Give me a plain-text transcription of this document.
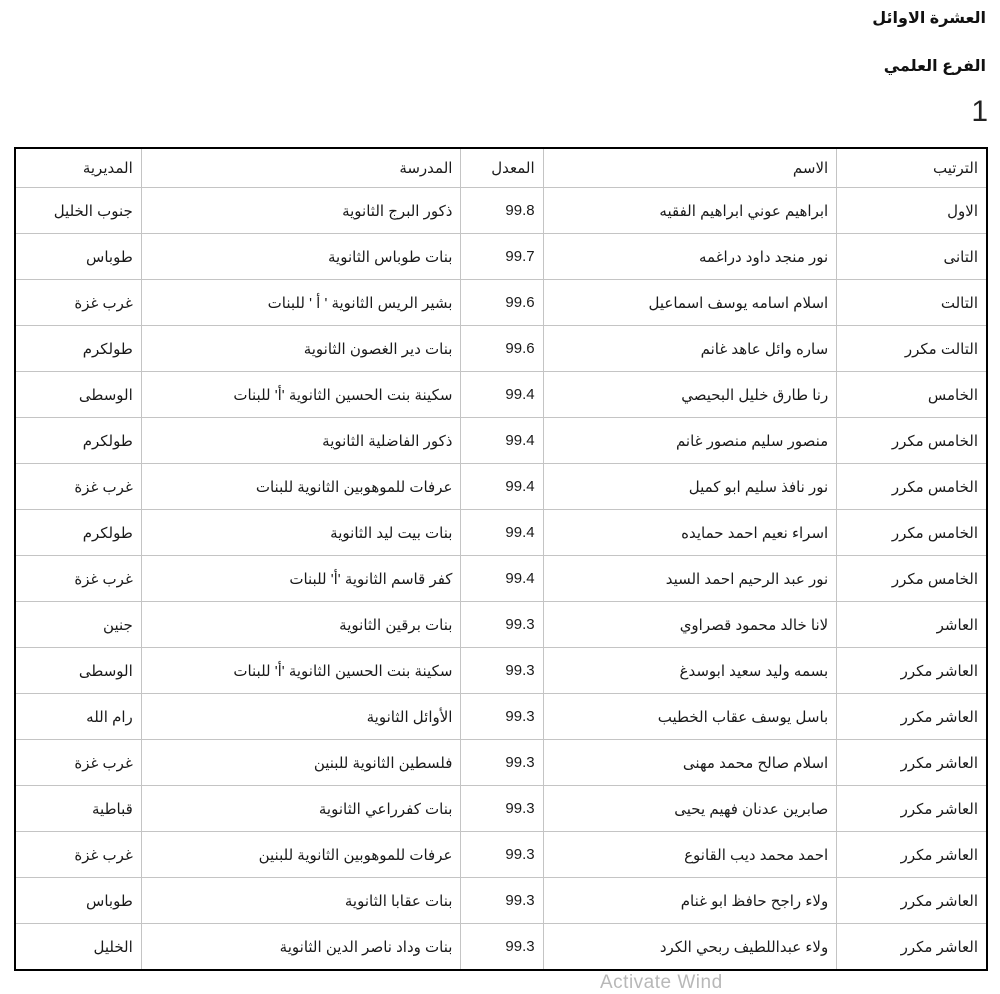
العشرة الاوائل
الفرع العلمي
1
الترتيب	الاسم	المعدل	المدرسة	المديرية
الاول	ابراهيم عوني ابراهيم الفقيه	99.8	ذكور البرج الثانوية	جنوب الخليل
التانى	نور منجد داود دراغمه	99.7	بنات طوباس الثانوية	طوباس
التالت	اسلام اسامه يوسف اسماعيل	99.6	بشير الريس الثانوية ' أ ' للبنات	غرب غزة
التالت مكرر	ساره وائل عاهد غانم	99.6	بنات دير الغصون الثانوية	طولكرم
الخامس	رنا طارق خليل البحيصي	99.4	سكينة بنت الحسين الثانوية 'أ' للبنات	الوسطى
الخامس مكرر	منصور سليم منصور غانم	99.4	ذكور الفاضلية الثانوية	طولكرم
الخامس مكرر	نور نافذ سليم ابو كميل	99.4	عرفات للموهوبين الثانوية للبنات	غرب غزة
الخامس مكرر	اسراء نعيم احمد حمايده	99.4	بنات بيت ليد الثانوية	طولكرم
الخامس مكرر	نور عبد الرحيم احمد السيد	99.4	كفر قاسم الثانوية 'أ' للبنات	غرب غزة
العاشر	لانا خالد محمود قصراوي	99.3	بنات برقين الثانوية	جنين
العاشر مكرر	بسمه وليد سعيد ابوسدغ	99.3	سكينة بنت الحسين الثانوية 'أ' للبنات	الوسطى
العاشر مكرر	باسل يوسف عقاب الخطيب	99.3	الأوائل الثانوية	رام الله
العاشر مكرر	اسلام صالح محمد مهنى	99.3	فلسطين الثانوية للبنين	غرب غزة
العاشر مكرر	صابرين عدنان فهيم يحيى	99.3	بنات كفرراعي الثانوية	قباطية
العاشر مكرر	احمد محمد ديب القانوع	99.3	عرفات للموهوبين الثانوية للبنين	غرب غزة
العاشر مكرر	ولاء راجح حافظ ابو غنام	99.3	بنات عقابا الثانوية	طوباس
العاشر مكرر	ولاء عبداللطيف ربحي الكرد	99.3	بنات وداد ناصر الدين الثانوية	الخليل
Activate Wind
